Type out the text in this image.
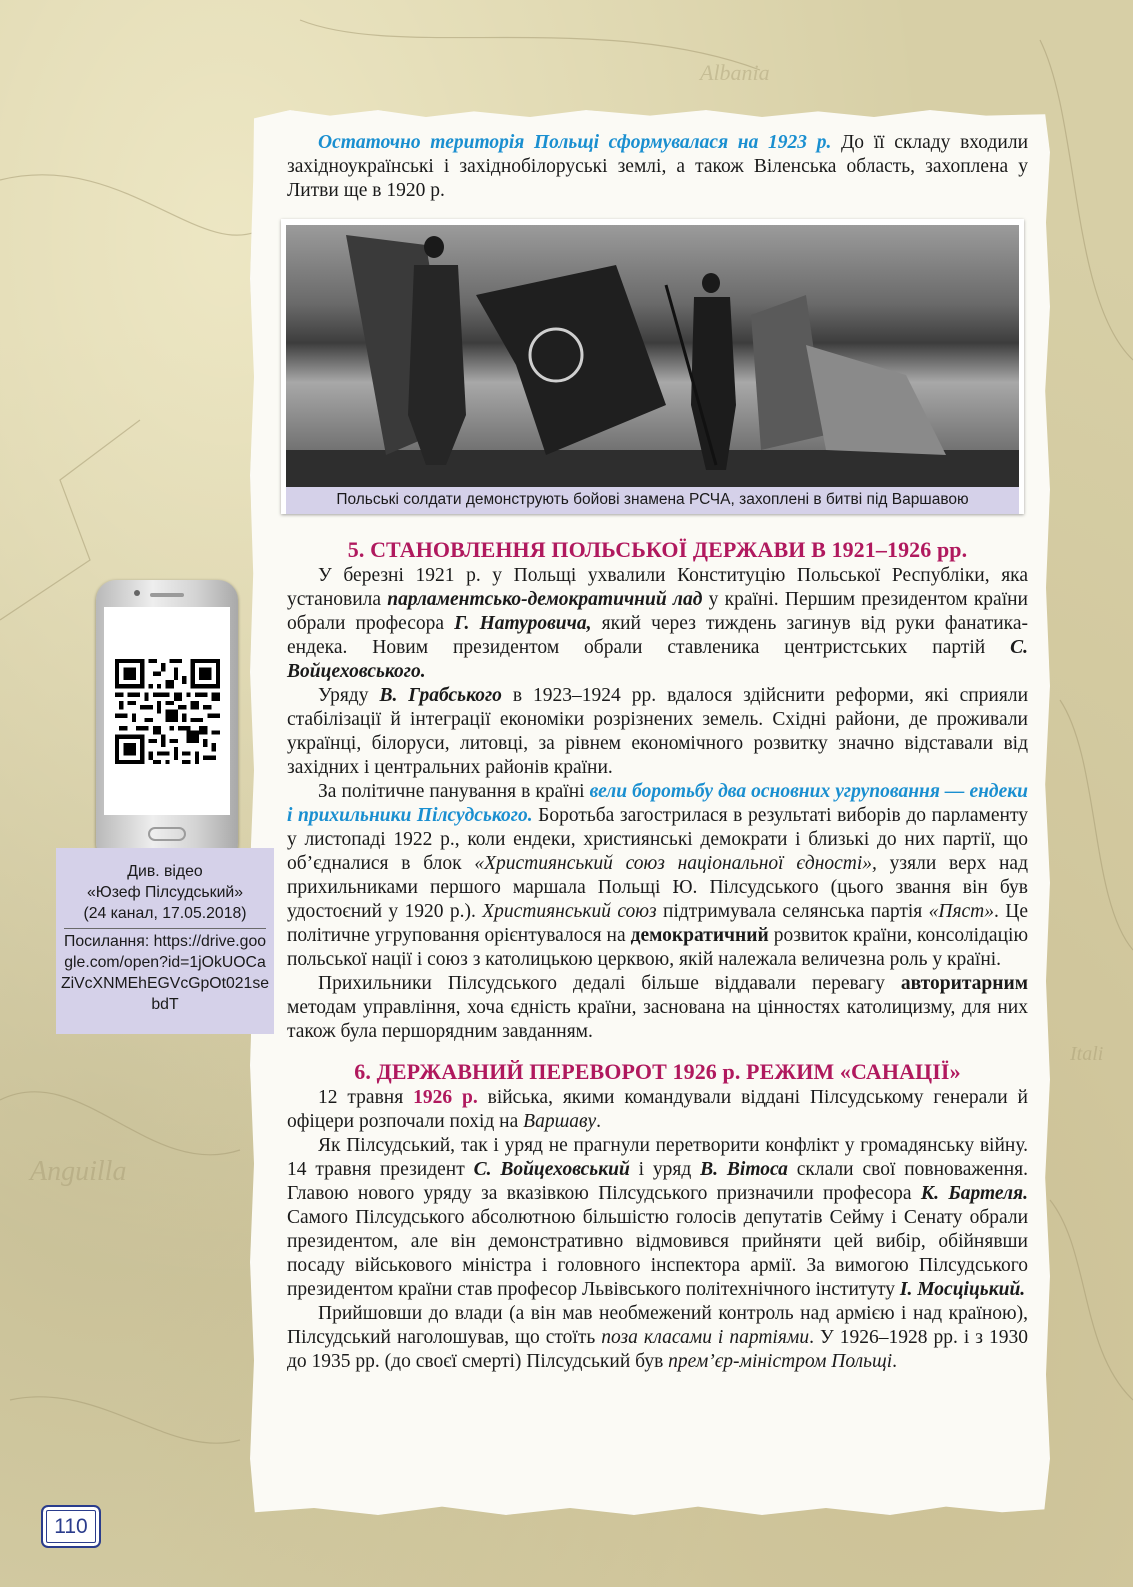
Albania
Anguilla
Itali

Остаточно територія Польщі сформувалася на 1923 р. До її складу входили західноукраїнські і західнобілоруські землі, а також Віленська область, захоплена у Литви ще в 1920 р.

Польські солдати демонструють бойові знамена РСЧА, захоплені в битві під Варшавою
5. СТАНОВЛЕННЯ ПОЛЬСЬКОЇ ДЕРЖАВИ В 1921–1926 рр.

У березні 1921 р. у Польщі ухвалили Конституцію Польської Республіки, яка установила парламентсько-демократичний лад у країні. Першим президентом країни обрали професора Г. Натуровича, який через тиждень загинув від руки фанатика-ендека. Новим президентом обрали ставленика центристських партій С. Войцеховського.

Уряду В. Грабського в 1923–1924 рр. вдалося здійснити реформи, які сприяли стабілізації й інтеграції економіки розрізнених земель. Східні райони, де проживали українці, білоруси, литовці, за рівнем економічного розвитку значно відставали від західних і центральних районів країни.

За політичне панування в країні вели боротьбу два основних угруповання — ендеки і прихильники Пілсудського. Боротьба загострилася в результаті виборів до парламенту у листопаді 1922 р., коли ендеки, християнські демократи і близькі до них партії, що об’єдналися в блок «Християнський союз національної єдності», узяли верх над прихильниками першого маршала Польщі Ю. Пілсудського (цього звання він був удостоєний у 1920 р.). Християнський союз підтримувала селянська партія «Пяст». Це політичне угруповання орієнтувалося на демократичний розвиток країни, консолідацію польської нації і союз з католицькою церквою, якій належала величезна роль у країні.

Прихильники Пілсудського дедалі більше віддавали перевагу авторитарним методам управління, хоча єдність країни, заснована на цінностях католицизму, для них також була першорядним завданням.

6. ДЕРЖАВНИЙ ПЕРЕВОРОТ 1926 р. РЕЖИМ «САНАЦІЇ»

12 травня 1926 р. війська, якими командували віддані Пілсудському генерали й офіцери розпочали похід на Варшаву.

Як Пілсудський, так і уряд не прагнули перетворити конфлікт у громадянську війну. 14 травня президент С. Войцеховський і уряд В. Вітоса склали свої повноваження. Главою нового уряду за вказівкою Пілсудського призначили професора К. Бартеля. Самого Пілсудського абсолютною більшістю голосів депутатів Сейму і Сенату обрали президентом, але він демонстративно відмовився прийняти цей вибір, обійнявши посаду військового міністра і головного інспектора армії. За вимогою Пілсудського президентом країни став професор Львівського політехнічного інституту І. Мосціцький.

Прийшовши до влади (а він мав необмежений контроль над армією і над країною), Пілсудський наголошував, що стоїть поза класами і партіями. У 1926–1928 рр. і з 1930 до 1935 рр. (до своєї смерті) Пілсудський був прем’єр-міністром Польщі.

Див. відео
«Юзеф Пілсудський»
(24 канал, 17.05.2018)
Посилання: https://drive.google.com/open?id=1jOkUOCaZiVcXNMEhEGVcGpOt021sebdT
110
